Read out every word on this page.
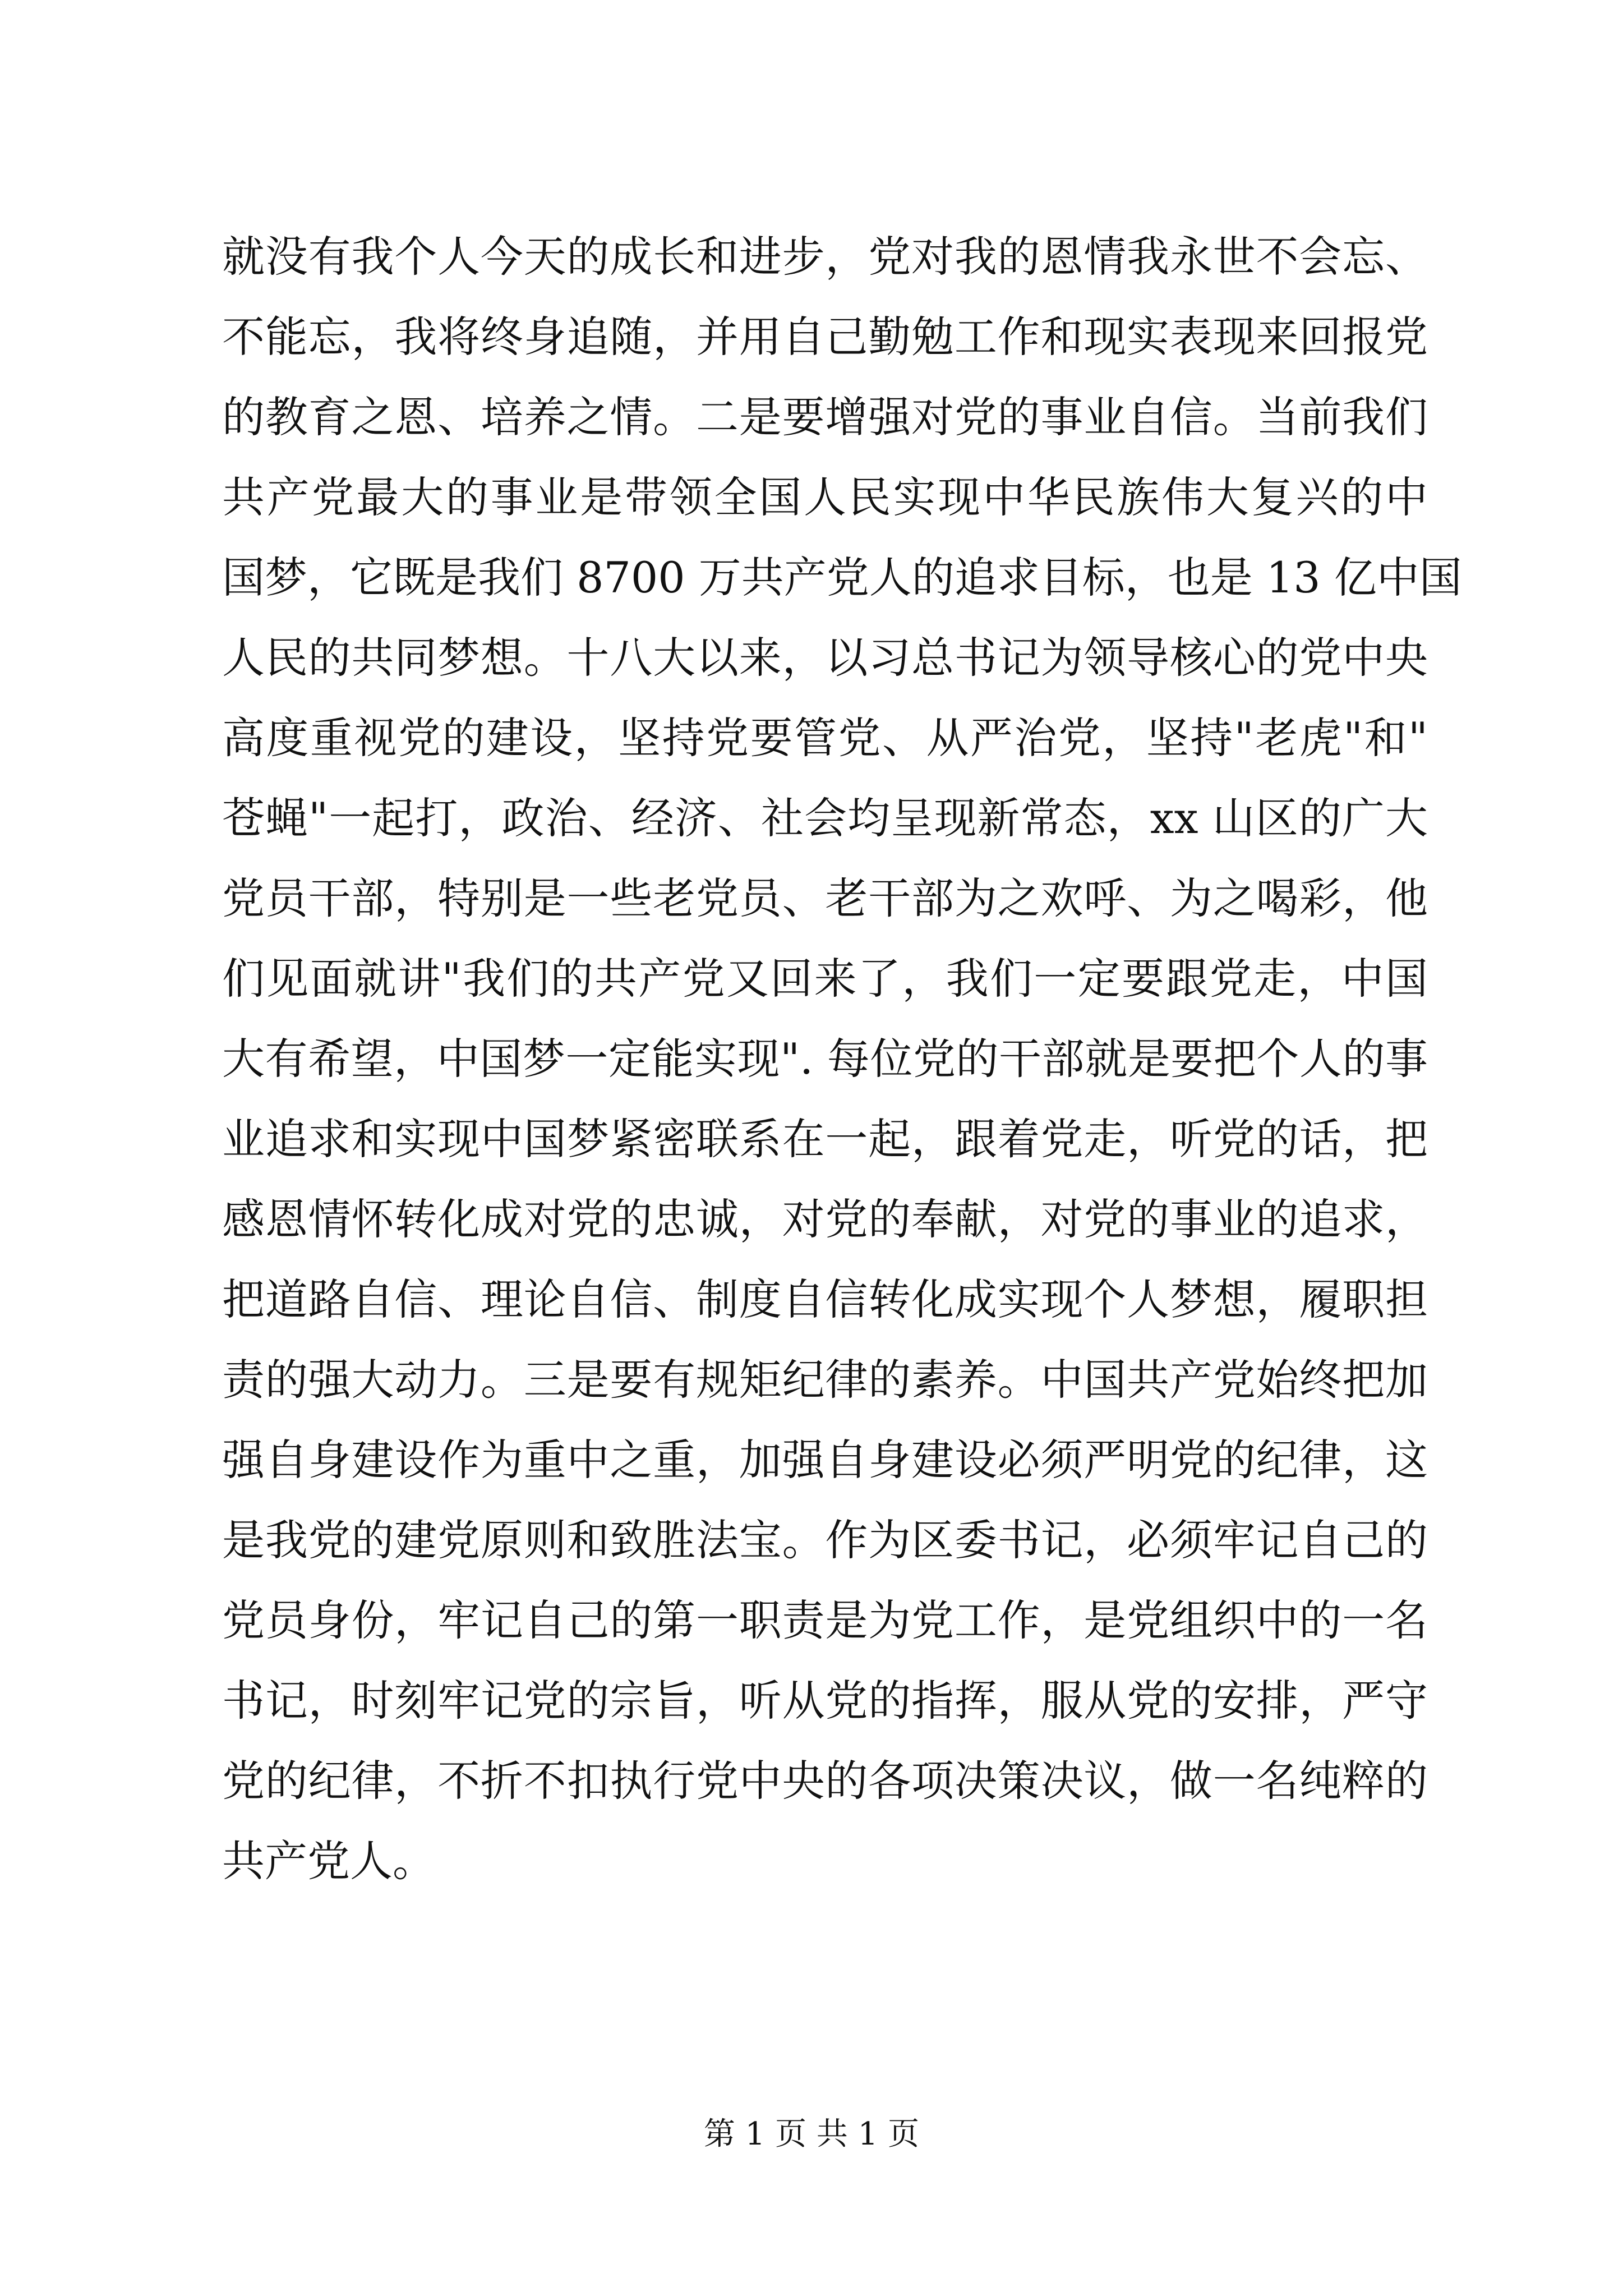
就没有我个人今天的成长和进步，党对我的恩情我永世不会忘、
不能忘，我将终身追随，并用自己勤勉工作和现实表现来回报党
的教育之恩、培养之情。二是要增强对党的事业自信。当前我们
共产党最大的事业是带领全国人民实现中华民族伟大复兴的中
国梦，它既是我们 8700 万共产党人的追求目标，也是 13 亿中国
人民的共同梦想。十八大以来，以习总书记为领导核心的党中央
高度重视党的建设，坚持党要管党、从严治党，坚持"老虎"和"
苍蝇"一起打，政治、经济、社会均呈现新常态，xx 山区的广大
党员干部，特别是一些老党员、老干部为之欢呼、为之喝彩，他
们见面就讲"我们的共产党又回来了，我们一定要跟党走，中国
大有希望，中国梦一定能实现". 每位党的干部就是要把个人的事
业追求和实现中国梦紧密联系在一起，跟着党走，听党的话，把
感恩情怀转化成对党的忠诚，对党的奉献，对党的事业的追求，
把道路自信、理论自信、制度自信转化成实现个人梦想，履职担
责的强大动力。三是要有规矩纪律的素养。中国共产党始终把加
强自身建设作为重中之重，加强自身建设必须严明党的纪律，这
是我党的建党原则和致胜法宝。作为区委书记，必须牢记自己的
党员身份，牢记自己的第一职责是为党工作，是党组织中的一名
书记，时刻牢记党的宗旨，听从党的指挥，服从党的安排，严守
党的纪律，不折不扣执行党中央的各项决策决议，做一名纯粹的
共产党人。
第 1 页 共 1 页
